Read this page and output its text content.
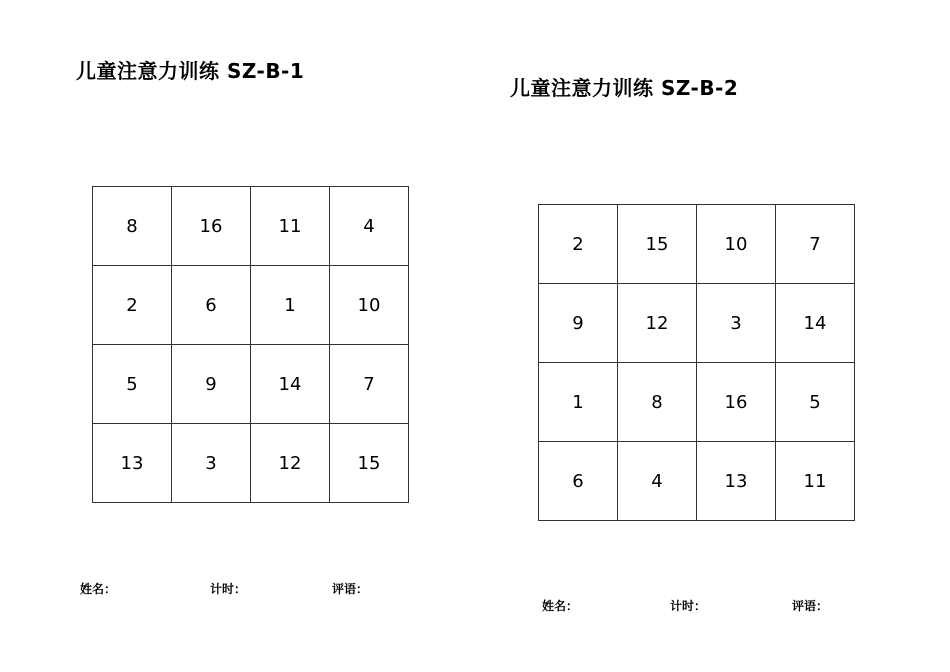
儿童注意力训练 SZ-B-1
8	16	11	4
2	6	1	10
5	9	14	7
13	3	12	15
姓名：	计时：	评语：
儿童注意力训练 SZ-B-2
2	15	10	7
9	12	3	14
1	8	16	5
6	4	13	11
姓名：	计时：	评语：
